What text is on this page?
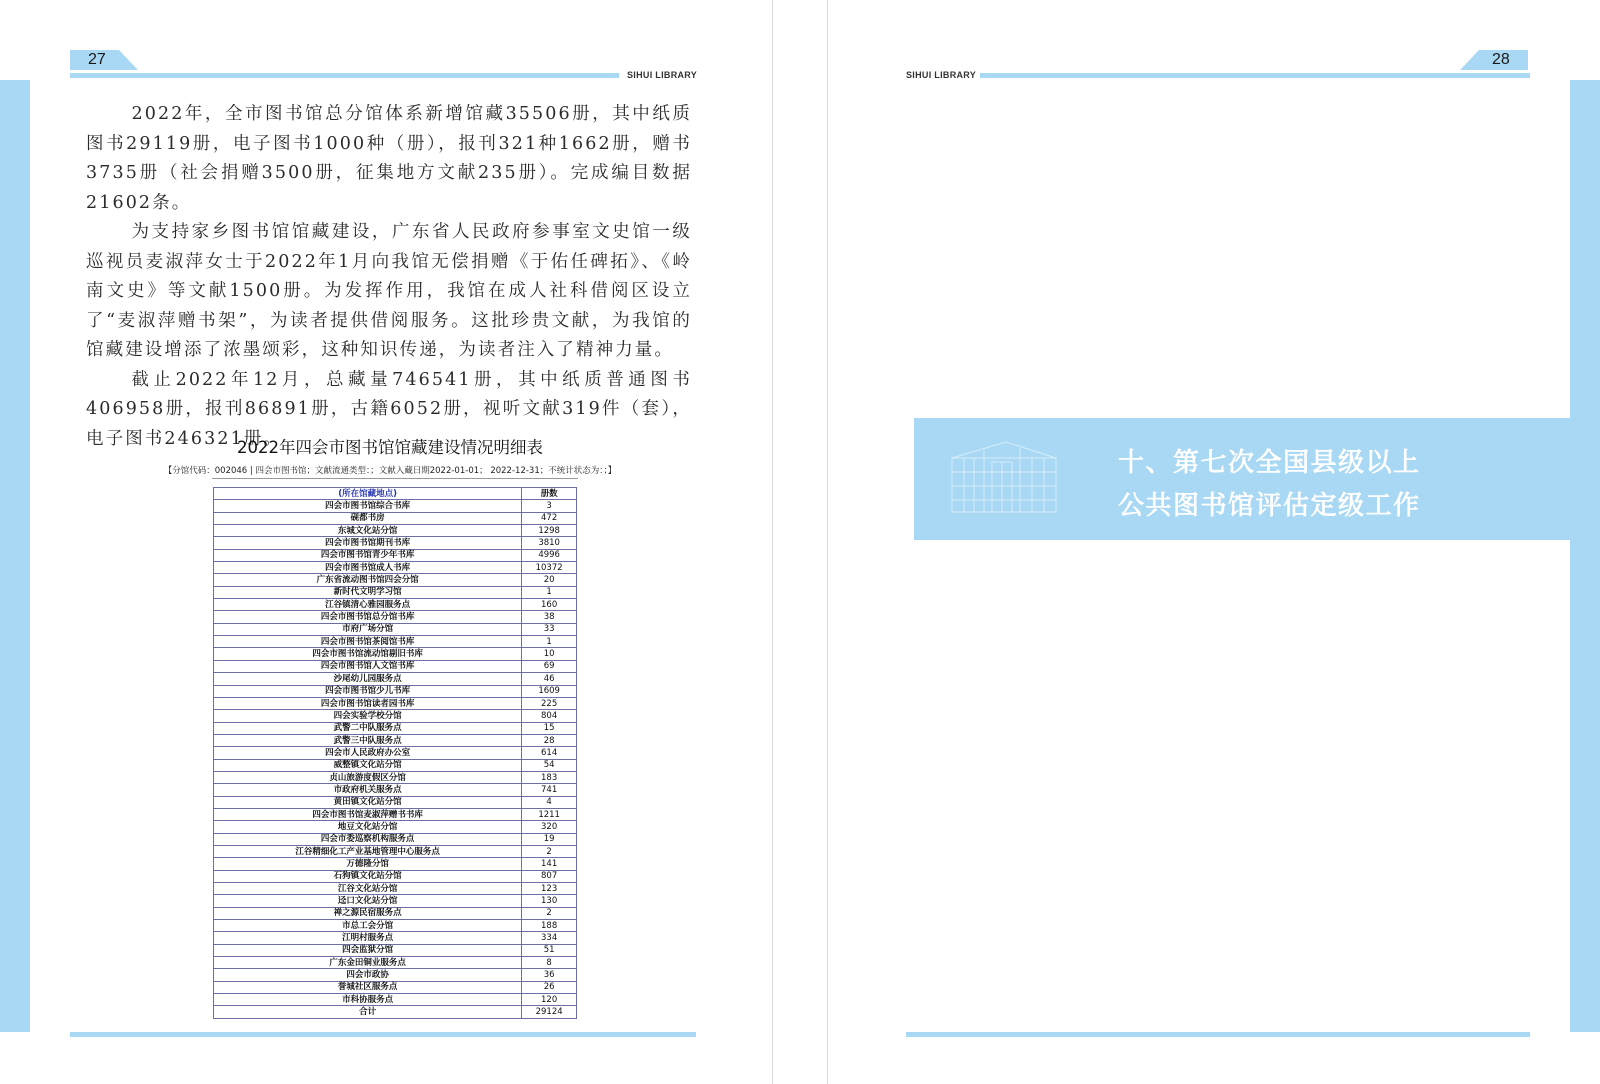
27
SIHUI LIBRARY

2022年，全市图书馆总分馆体系新增馆藏35506册，其中纸质图书29119册，电子图书1000种（册），报刊321种1662册，赠书3735册（社会捐赠3500册，征集地方文献235册）。完成编目数据21602条。

为支持家乡图书馆馆藏建设，广东省人民政府参事室文史馆一级巡视员麦淑萍女士于2022年1月向我馆无偿捐赠《于佑任碑拓》、《岭南文史》等文献1500册。为发挥作用，我馆在成人社科借阅区设立了“麦淑萍赠书架”，为读者提供借阅服务。这批珍贵文献，为我馆的馆藏建设增添了浓墨颂彩，这种知识传递，为读者注入了精神力量。

截止2022年12月，总藏量746541册，其中纸质普通图书406958册，报刊86891册，古籍6052册，视听文献319件（套），电子图书246321册。

2022年四会市图书馆馆藏建设情况明细表
【分馆代码：002046 | 四会市图书馆；文献流通类型：；文献入藏日期2022-01-01； 2022-12-31；不统计状态为：；】
(所在馆藏地点)	册数
四会市图书馆综合书库	3
砚都书房	472
东城文化站分馆	1298
四会市图书馆期刊书库	3810
四会市图书馆青少年书库	4996
四会市图书馆成人书库	10372
广东省流动图书馆四会分馆	20
新时代文明学习馆	1
江谷镇清心雅园服务点	160
四会市图书馆总分馆书库	38
市府广场分馆	33
四会市图书馆茶阅馆书库	1
四会市图书馆流动馆剔旧书库	10
四会市图书馆人文馆书库	69
沙尾幼儿园服务点	46
四会市图书馆少儿书库	1609
四会市图书馆读者园书库	225
四会实验学校分馆	804
武警二中队服务点	15
武警三中队服务点	28
四会市人民政府办公室	614
威整镇文化站分馆	54
贞山旅游度假区分馆	183
市政府机关服务点	741
黄田镇文化站分馆	4
四会市图书馆麦淑萍赠书书库	1211
地豆文化站分馆	320
四会市委巡察机构服务点	19
江谷精细化工产业基地管理中心服务点	2
万德隆分馆	141
石狗镇文化站分馆	807
江谷文化站分馆	123
迳口文化站分馆	130
禅之源民宿服务点	2
市总工会分馆	188
江明村服务点	334
四会监狱分馆	51
广东金田铜业服务点	8
四会市政协	36
誉城社区服务点	26
市科协服务点	120
合计	29124
28
SIHUI LIBRARY
十、第七次全国县级以上
公共图书馆评估定级工作
